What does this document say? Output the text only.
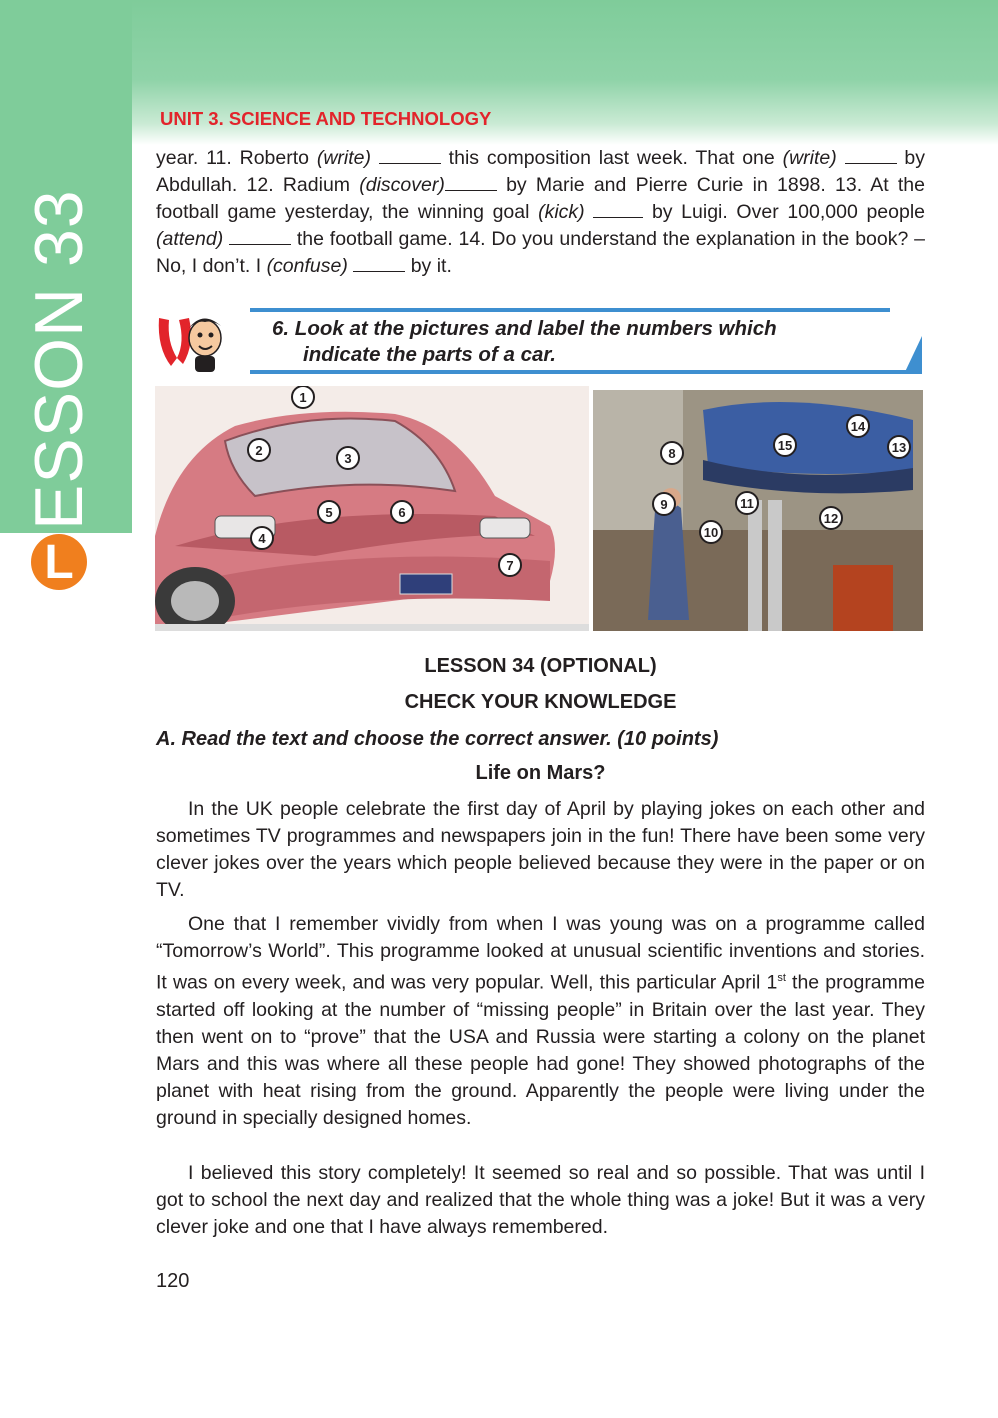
L
ESSON 33
UNIT 3. SCIENCE AND TECHNOLOGY
year. 11. Roberto (write)	this composition last week. That one (write)	by Abdullah. 12. Radium (discover)	by Marie and Pierre Curie in 1898. 13. At the football game yesterday, the winning goal (kick)	by Luigi. Over 100,000 people (attend)	the football game. 14. Do you understand the explanation in the book? – No, I don’t. I (confuse)	by it.
6. Look at the pictures and label the numbers which
indicate the parts of a car.
1
2
3
4
5	6
7
8
9
10
11
12
13
14
15
LESSON 34 (OPTIONAL)
CHECK YOUR KNOWLEDGE
A. Read the text and choose the correct answer. (10 points)
Life on Mars?
In the UK people celebrate the first day of April by playing jokes on each other and sometimes TV programmes and newspapers join in the fun! There have been some very clever jokes over the years which people believed because they were in the paper or on TV.
One that I remember vividly from when I was young was on a programme called “Tomorrow’s World”. This programme looked at unusual scientific inventions and stories. It was on every week, and was very popular. Well, this particular April 1st the programme started off looking at the number of “missing people” in Britain over the last year. They then went on to “prove” that the USA and Russia were starting a colony on the planet Mars and this was where all these people had gone! They showed photographs of the planet with heat rising from the ground. Apparently the people were living under the ground in specially designed homes.
I believed this story completely! It seemed so real and so possible. That was until I got to school the next day and realized that the whole thing was a joke! But it was a very clever joke and one that I have always remembered.
120
